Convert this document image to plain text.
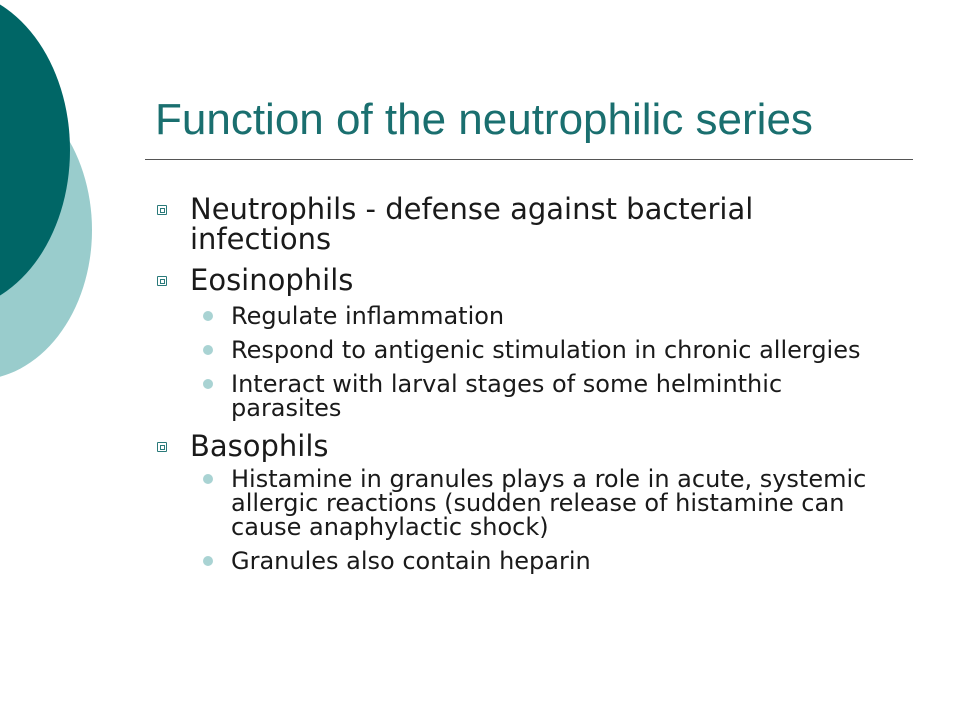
Function of the neutrophilic series
Neutrophils - defense against bacterial infections
Eosinophils
Regulate inflammation
Respond to antigenic stimulation in chronic allergies
Interact with larval stages of some helminthic parasites
Basophils
Histamine in granules plays a role in acute, systemic allergic reactions (sudden release of histamine can cause anaphylactic shock)
Granules also contain heparin
